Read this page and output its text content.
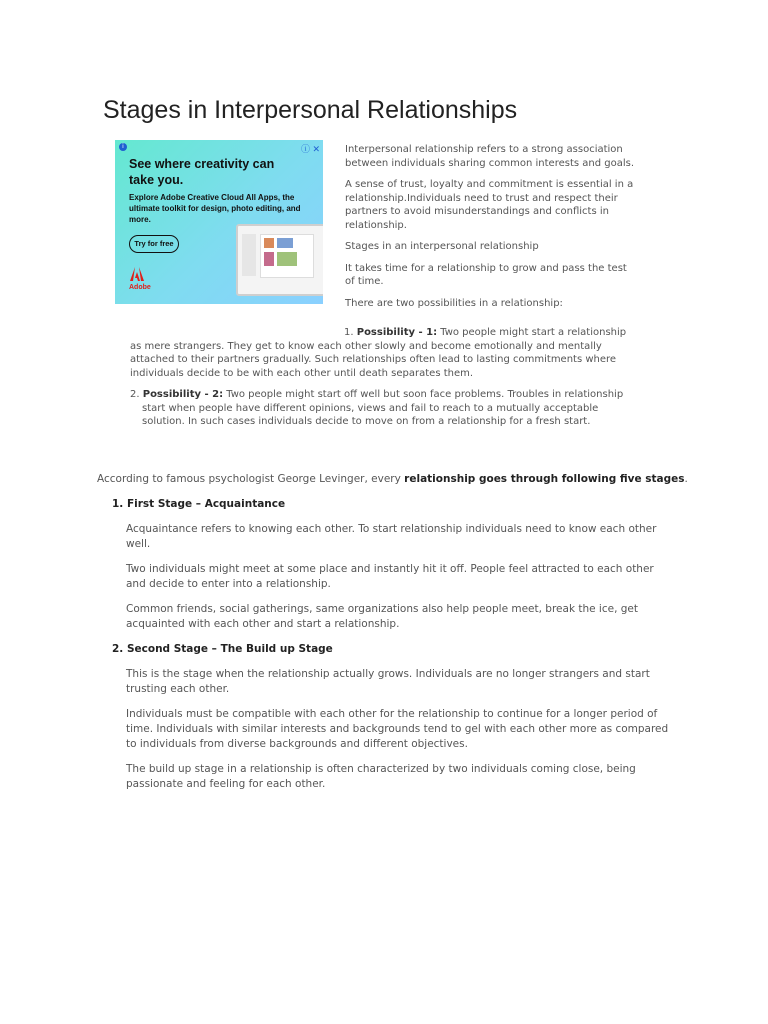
Stages in Interpersonal Relationships
i	ⓘ ✕
See where creativity can take you.
Explore Adobe Creative Cloud All Apps, the ultimate toolkit for design, photo editing, and more.
Try for free
Adobe

Interpersonal relationship refers to a strong association between individuals sharing common interests and goals.

A sense of trust, loyalty and commitment is essential in a relationship.Individuals need to trust and respect their partners to avoid misunderstandings and conflicts in relationship.

Stages in an interpersonal relationship

It takes time for a relationship to grow and pass the test of time.

There are two possibilities in a relationship:

1. Possibility - 1: Two people might start a relationship as mere strangers. They get to know each other slowly and become emotionally and mentally attached to their partners gradually. Such relationships often lead to lasting commitments where individuals decide to be with each other until death separates them.

2. Possibility - 2: Two people might start off well but soon face problems. Troubles in relationship start when people have different opinions, views and fail to reach to a mutually acceptable solution. In such cases individuals decide to move on from a relationship for a fresh start.

According to famous psychologist George Levinger, every relationship goes through following five stages.
1. First Stage – Acquaintance

Acquaintance refers to knowing each other. To start relationship individuals need to know each other well.

Two individuals might meet at some place and instantly hit it off. People feel attracted to each other and decide to enter into a relationship.

Common friends, social gatherings, same organizations also help people meet, break the ice, get acquainted with each other and start a relationship.

2. Second Stage – The Build up Stage

This is the stage when the relationship actually grows. Individuals are no longer strangers and start trusting each other.

Individuals must be compatible with each other for the relationship to continue for a longer period of time. Individuals with similar interests and backgrounds tend to gel with each other more as compared to individuals from diverse backgrounds and different objectives.

The build up stage in a relationship is often characterized by two individuals coming close, being passionate and feeling for each other.
